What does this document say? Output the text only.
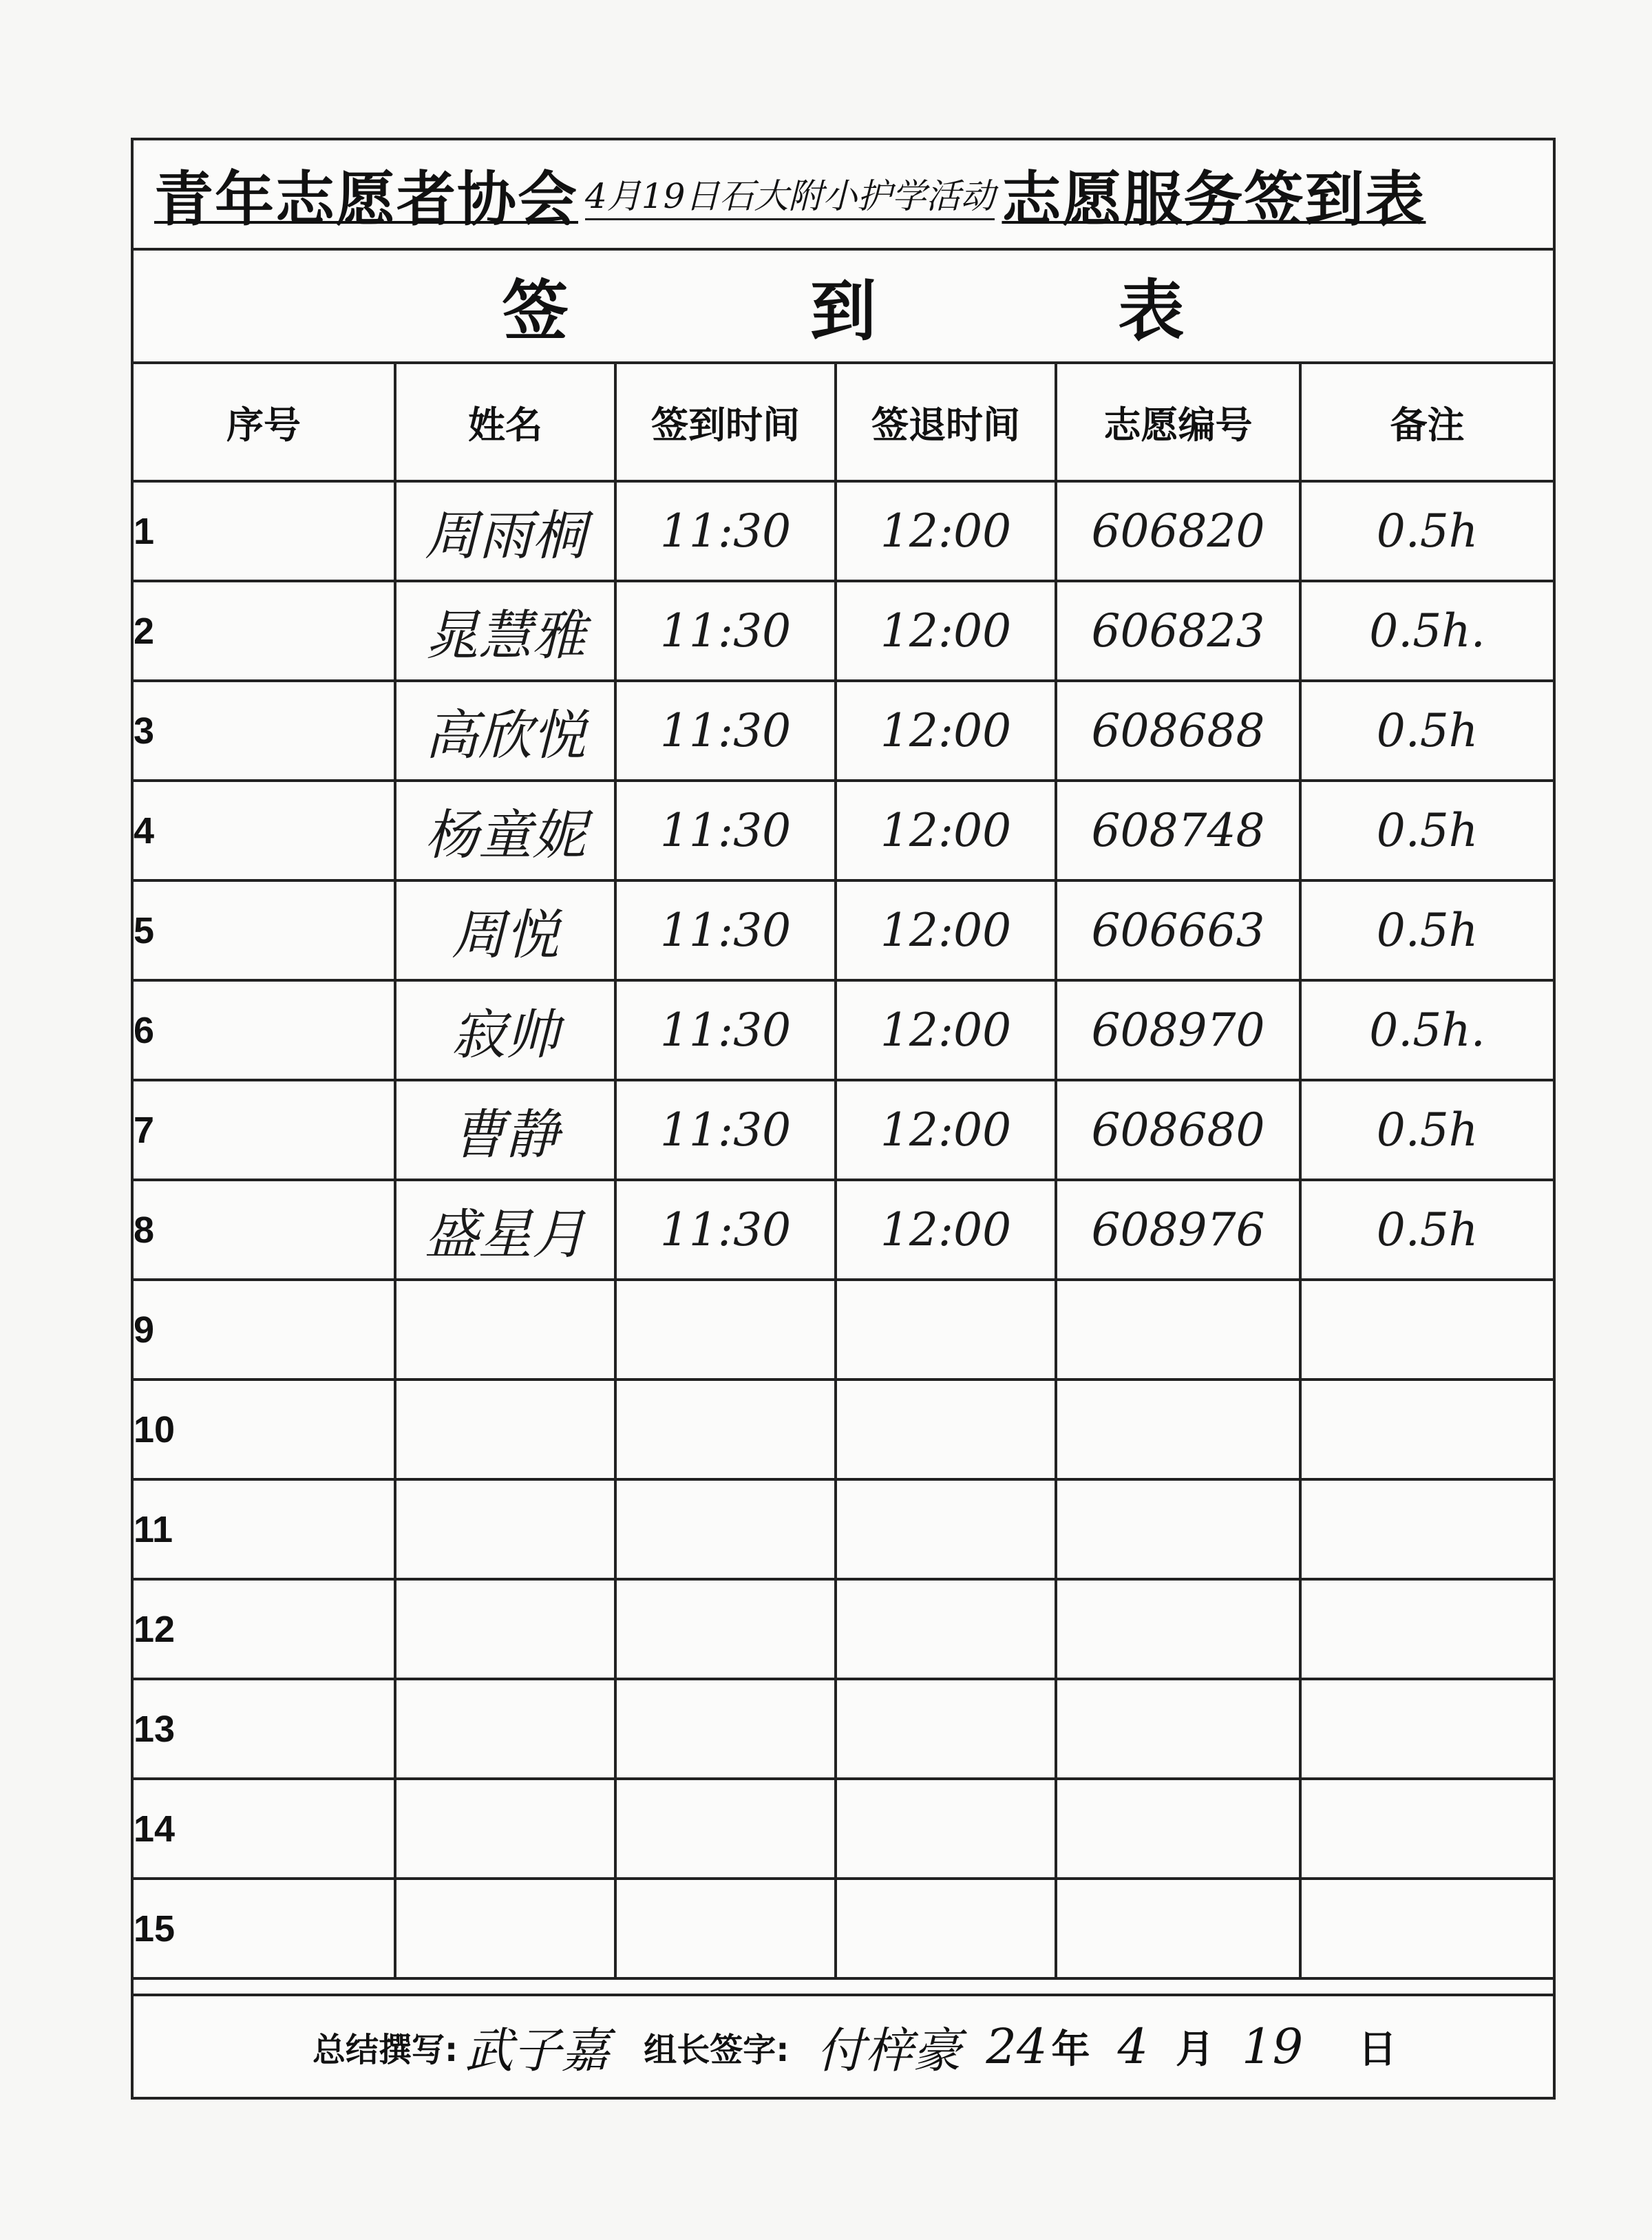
青年志愿者协会 4月19日石大附小护学活动 志愿服务签到表
签	到	表
序号	姓名	签到时间	签退时间	志愿编号	备注
1	周雨桐	11:30	12:00	606820	0.5h
2	晁慧雅	11:30	12:00	606823	0.5h.
3	高欣悦	11:30	12:00	608688	0.5h
4	杨童妮	11:30	12:00	608748	0.5h
5	周悦	11:30	12:00	606663	0.5h
6	寂帅	11:30	12:00	608970	0.5h.
7	曹静	11:30	12:00	608680	0.5h
8	盛星月	11:30	12:00	608976	0.5h
9					
10					
11					
12					
13					
14					
15					
总结撰写: 武子嘉 组长签字: 付梓豪 24 年 4 月 19 日
